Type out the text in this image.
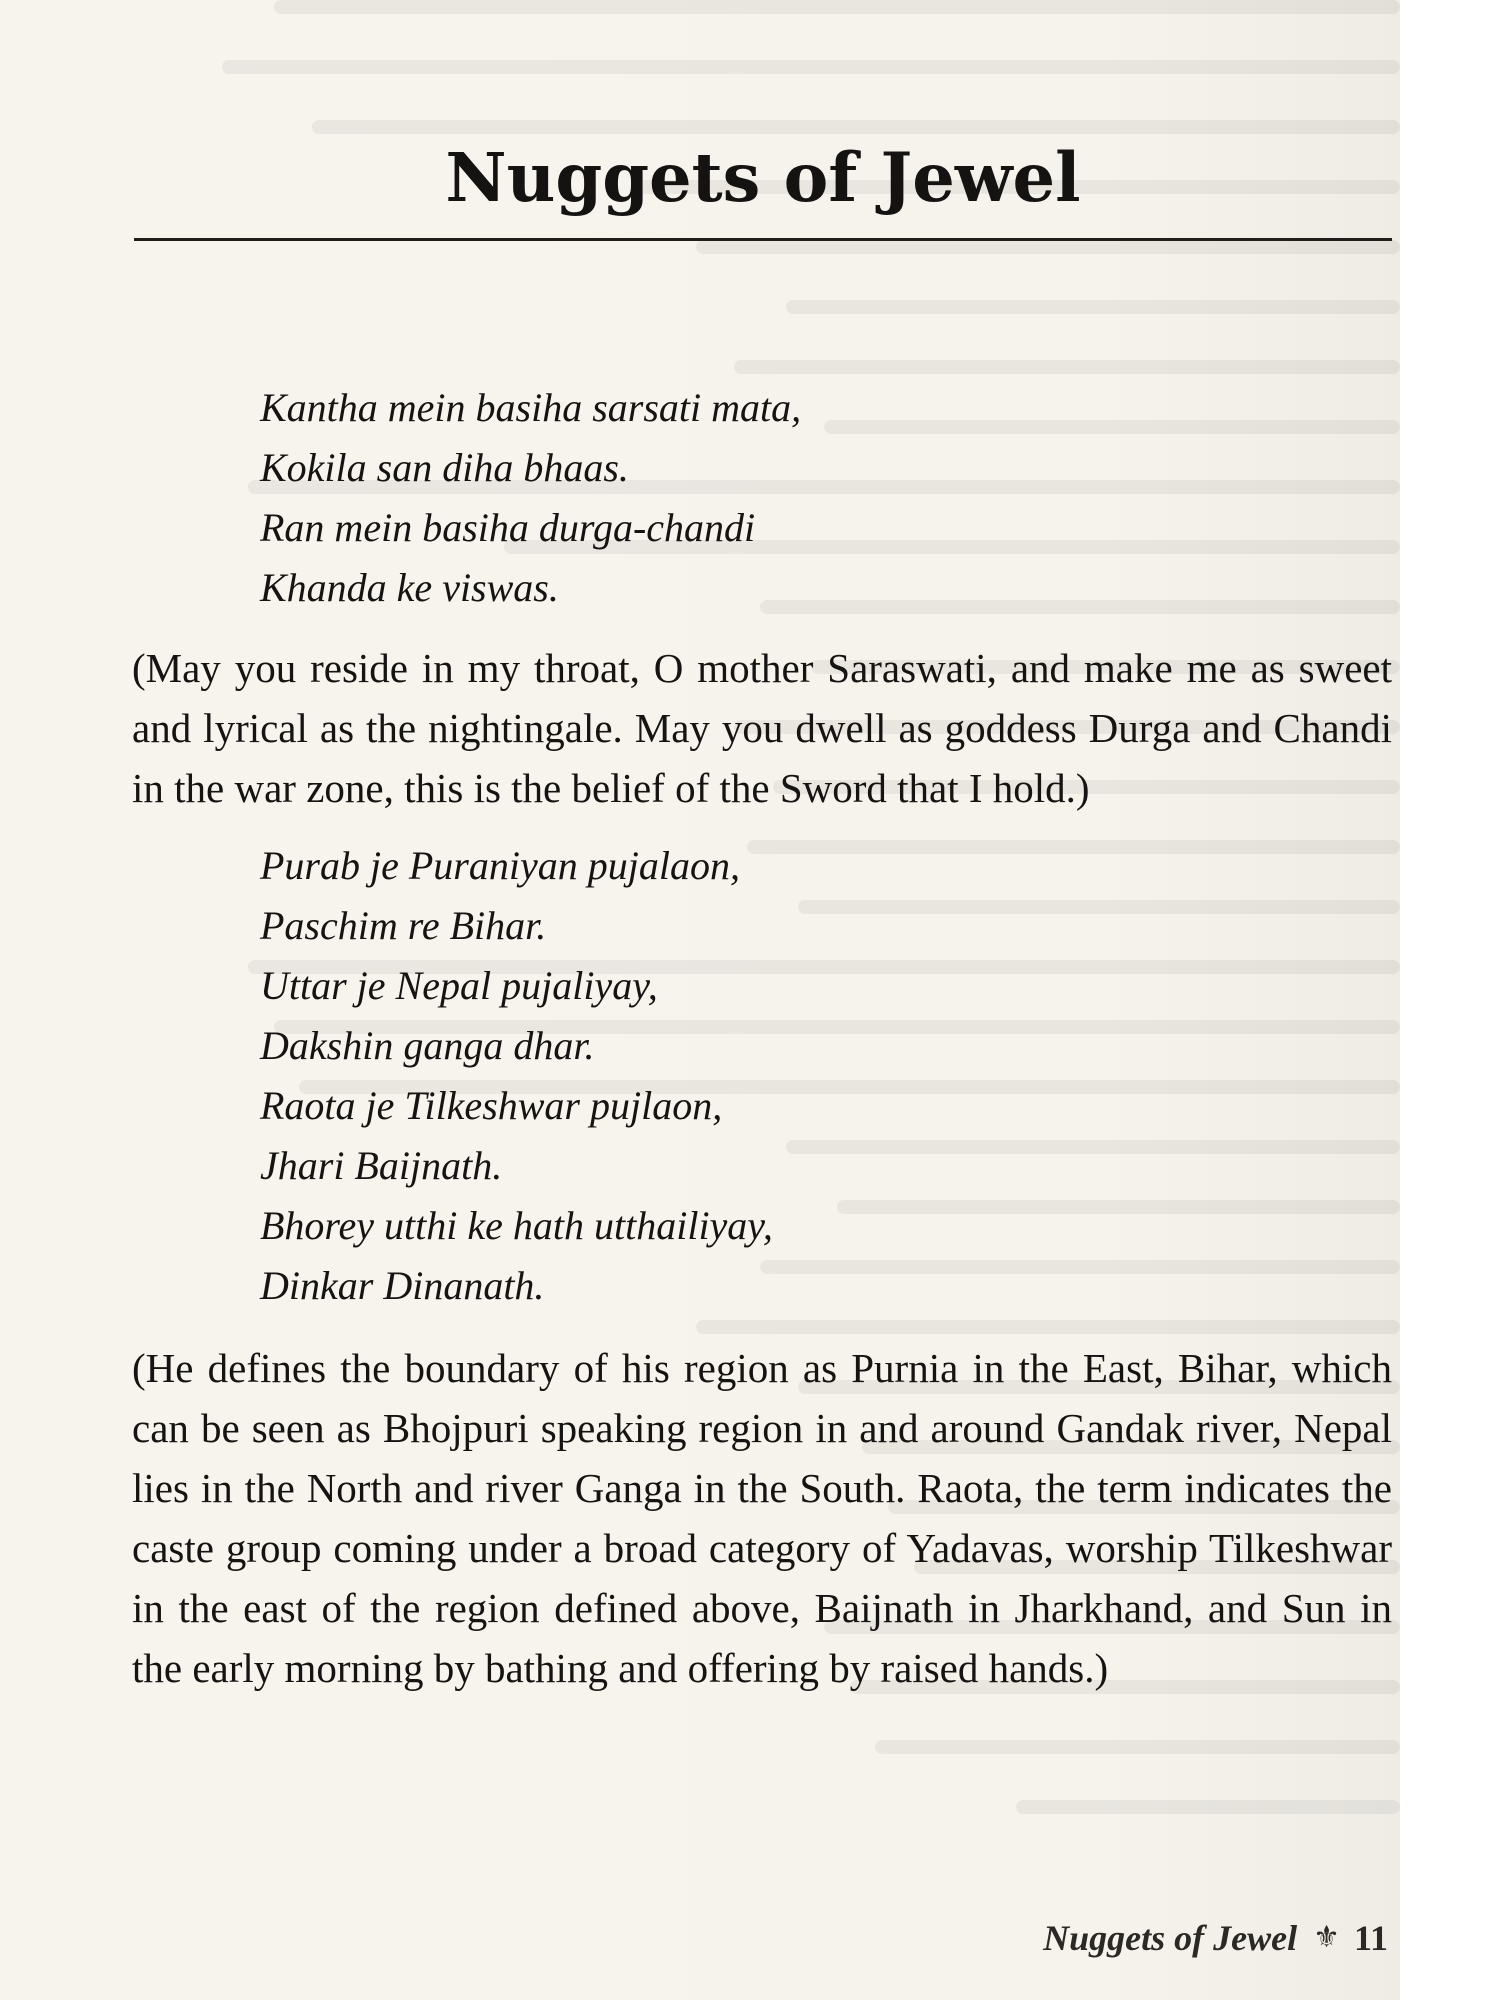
Nuggets of Jewel
Kantha mein basiha sarsati mata,
Kokila san diha bhaas.
Ran mein basiha durga-chandi
Khanda ke viswas.

(May you reside in my throat, O mother Saraswati, and make me as sweet and lyrical as the nightingale. May you dwell as goddess Durga and Chandi in the war zone, this is the belief of the Sword that I hold.)

Purab je Puraniyan pujalaon,
Paschim re Bihar.
Uttar je Nepal pujaliyay,
Dakshin ganga dhar.
Raota je Tilkeshwar pujlaon,
Jhari Baijnath.
Bhorey utthi ke hath utthailiyay,
Dinkar Dinanath.

(He defines the boundary of his region as Purnia in the East, Bihar, which can be seen as Bhojpuri speaking region in and around Gandak river, Nepal lies in the North and river Ganga in the South. Raota, the term indicates the caste group coming under a broad category of Yadavas, worship Tilkeshwar in the east of the region defined above, Baijnath in Jharkhand, and Sun in the early morning by bathing and offering by raised hands.)

Nuggets of Jewel ⚜ 11
